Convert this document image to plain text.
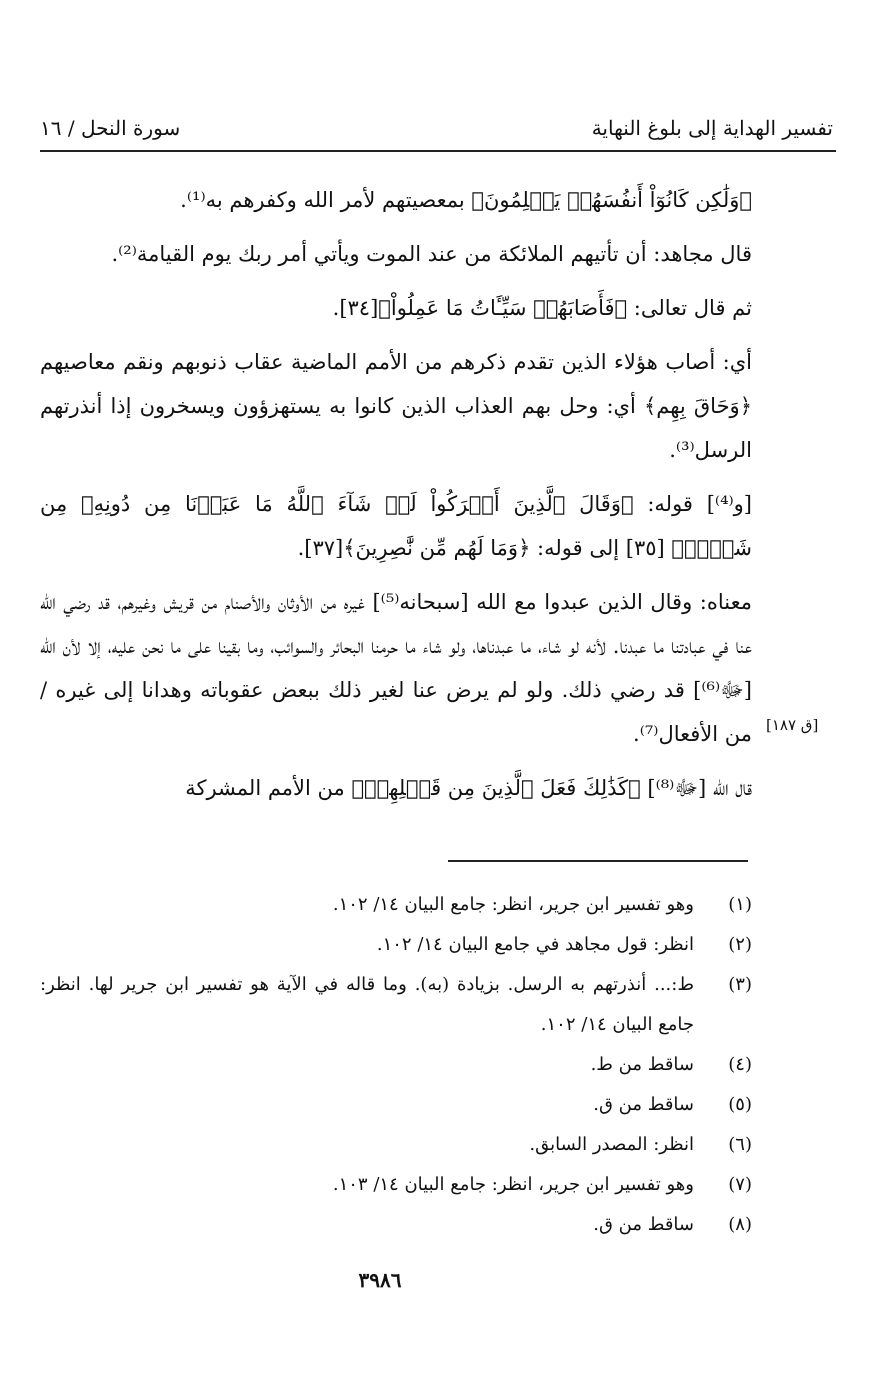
تفسير الهداية إلى بلوغ النهاية
سورة النحل / ١٦

﴿وَلَٰكِن كَانُوٓاْ أَنفُسَهُمۡ يَظۡلِمُونَ﴾ بمعصيتهم لأمر الله وكفرهم به⁽¹⁾.

قال مجاهد: أن تأتيهم الملائكة من عند الموت ويأتي أمر ربك يوم القيامة⁽²⁾.

ثم قال تعالى: ﴿فَأَصَابَهُمۡ سَيِّـَٔاتُ مَا عَمِلُواْ﴾[٣٤].

أي: أصاب هؤلاء الذين تقدم ذكرهم من الأمم الماضية عقاب ذنوبهم ونقم معاصيهم ﴿وَحَاقَ بِهِم﴾ أي: وحل بهم العذاب الذين كانوا به يستهزؤون ويسخرون إذا أنذرتهم الرسل⁽³⁾.

[و⁽⁴⁾] قوله: ﴿وَقَالَ ٱلَّذِينَ أَشۡرَكُواْ لَوۡ شَآءَ ٱللَّهُ مَا عَبَدۡنَا مِن دُونِهِۦ مِن شَيۡءٖ﴾ [٣٥] إلى قوله: ﴿وَمَا لَهُم مِّن نَّٰصِرِينَ﴾[٣٧].

معناه: وقال الذين عبدوا مع الله [سبحانه⁽⁵⁾] غيره من الأوثان والأصنام من قريش وغيرهم، قد رضي الله عنا في عبادتنا ما عبدنا. لأنه لو شاء، ما عبدناها، ولو شاء ما حرمنا البحائر والسوائب، وما بقينا على ما نحن عليه، إلا لأن الله [ﷻ⁽⁶⁾] قد رضي ذلك. ولو لم يرض عنا لغير ذلك ببعض عقوباته وهدانا إلى غيره / من الأفعال⁽⁷⁾.

قال الله [ﷻ⁽⁸⁾] ﴿كَذَٰلِكَ فَعَلَ ٱلَّذِينَ مِن قَبۡلِهِمۡ﴾ من الأمم المشركة

[ق ١٨٧]
(١)
وهو تفسير ابن جرير، انظر: جامع البيان ١٤/ ١٠٢.
(٢)
انظر: قول مجاهد في جامع البيان ١٤/ ١٠٢.
(٣)
ط:... أنذرتهم به الرسل. بزيادة (به). وما قاله في الآية هو تفسير ابن جرير لها. انظر: جامع البيان ١٤/ ١٠٢.
(٤)
ساقط من ط.
(٥)
ساقط من ق.
(٦)
انظر: المصدر السابق.
(٧)
وهو تفسير ابن جرير، انظر: جامع البيان ١٤/ ١٠٣.
(٨)
ساقط من ق.
٣٩٨٦
